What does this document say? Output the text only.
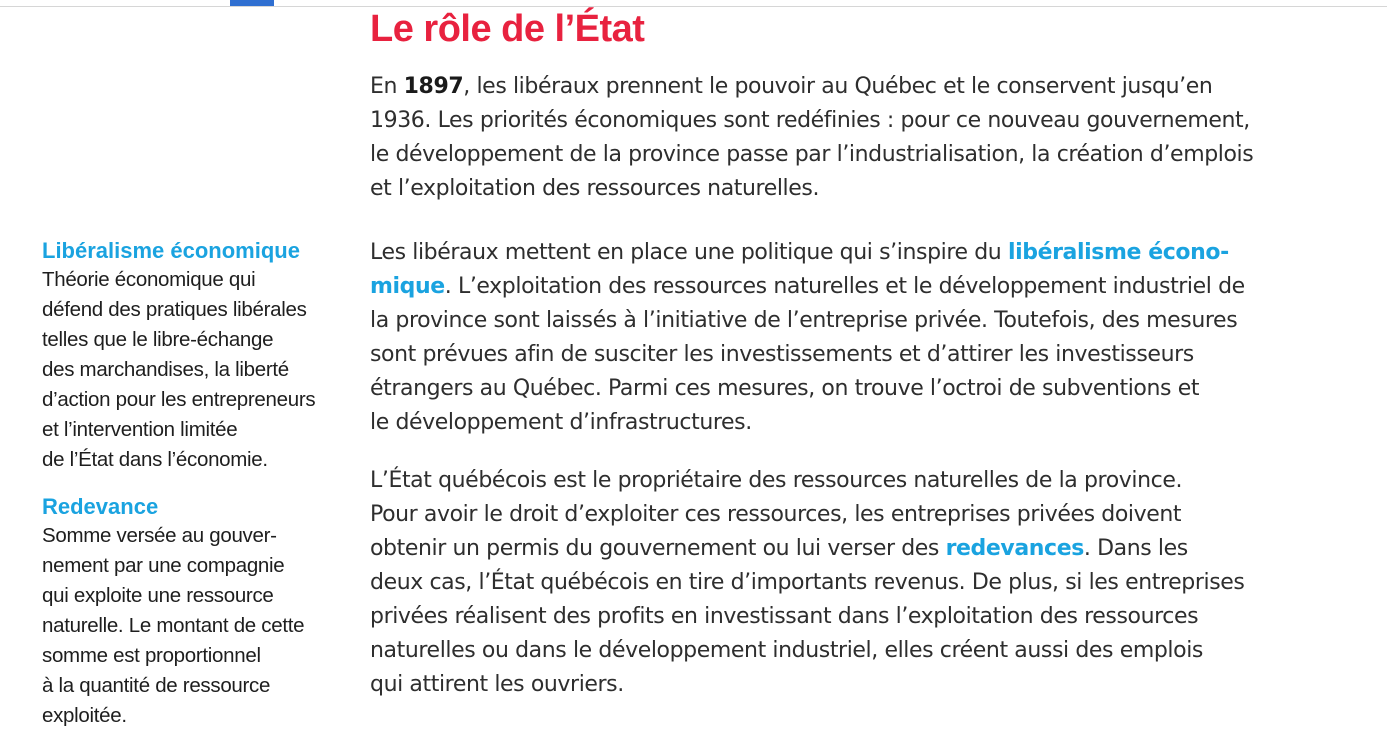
Le rôle de l’État

En 1897, les libéraux prennent le pouvoir au Québec et le conservent jusqu’en
1936. Les priorités économiques sont redéfinies : pour ce nouveau gouvernement,
le développement de la province passe par l’industrialisation, la création d’emplois
et l’exploitation des ressources naturelles.

Les libéraux mettent en place une politique qui s’inspire du libéralisme écono-
mique. L’exploitation des ressources naturelles et le développement industriel de
la province sont laissés à l’initiative de l’entreprise privée. Toutefois, des mesures
sont prévues afin de susciter les investissements et d’attirer les investisseurs
étrangers au Québec. Parmi ces mesures, on trouve l’octroi de subventions et
le développement d’infrastructures.

L’État québécois est le propriétaire des ressources naturelles de la province.
Pour avoir le droit d’exploiter ces ressources, les entreprises privées doivent
obtenir un permis du gouvernement ou lui verser des redevances. Dans les
deux cas, l’État québécois en tire d’importants revenus. De plus, si les entreprises
privées réalisent des profits en investissant dans l’exploitation des ressources
naturelles ou dans le développement industriel, elles créent aussi des emplois
qui attirent les ouvriers.

Libéralisme économique

Théorie économique qui
défend des pratiques libérales
telles que le libre-échange
des marchandises, la liberté
d’action pour les entrepreneurs
et l’intervention limitée
de l’État dans l’économie.

Redevance

Somme versée au gouver-
nement par une compagnie
qui exploite une ressource
naturelle. Le montant de cette
somme est proportionnel
à la quantité de ressource
exploitée.
